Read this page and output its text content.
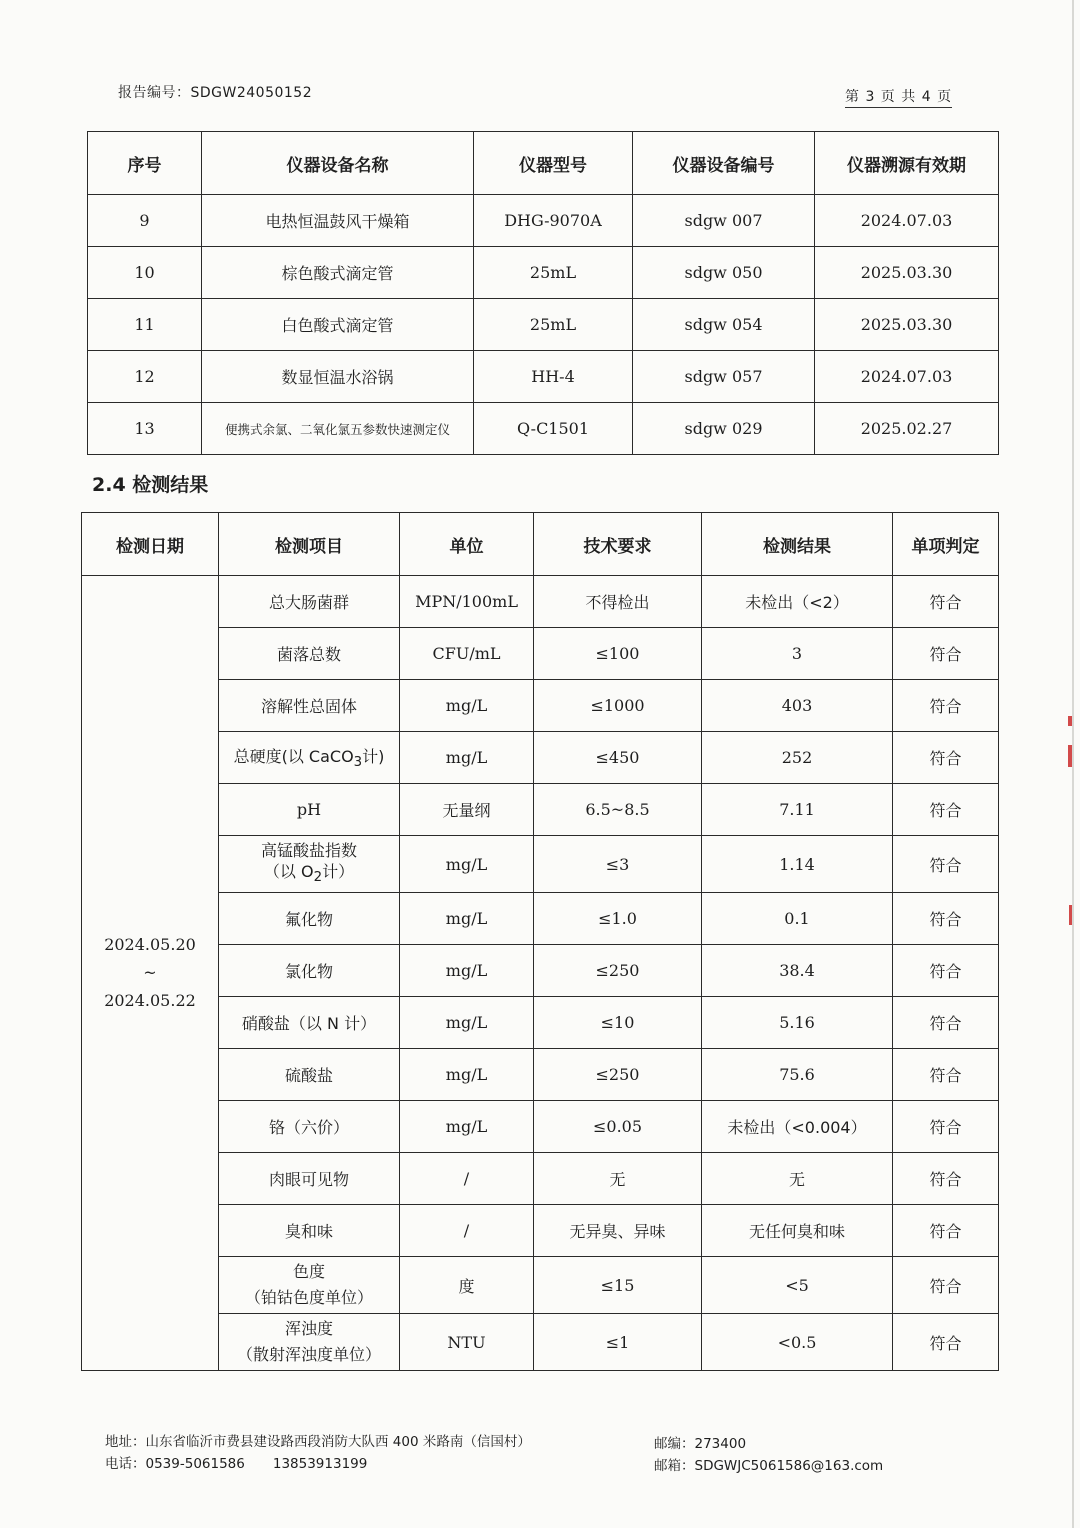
报告编号：SDGW24050152	第 3 页 共 4 页
序号	仪器设备名称	仪器型号	仪器设备编号	仪器溯源有效期
9	电热恒温鼓风干燥箱	DHG-9070A	sdgw 007	2024.07.03
10	棕色酸式滴定管	25mL	sdgw 050	2025.03.30
11	白色酸式滴定管	25mL	sdgw 054	2025.03.30
12	数显恒温水浴锅	HH-4	sdgw 057	2024.07.03
13	便携式余氯、二氧化氯五参数快速测定仪	Q-C1501	sdgw 029	2025.02.27
2.4 检测结果
检测日期	检测项目	单位	技术要求	检测结果	单项判定

2024.05.20
~
2024.05.22	总大肠菌群	MPN/100mL	不得检出	未检出（<2）	符合
	菌落总数	CFU/mL	≤100	3	符合
	溶解性总固体	mg/L	≤1000	403	符合
	总硬度(以 CaCO$_3$计)	mg/L	≤450	252	符合
	pH	无量纲	6.5~8.5	7.11	符合

	高锰酸盐指数
（以 $O_2$计）	mg/L	≤3	1.14	符合
	氟化物	mg/L	≤1.0	0.1	符合
	氯化物	mg/L	≤250	38.4	符合
	硝酸盐（以 N 计）	mg/L	≤10	5.16	符合
	硫酸盐	mg/L	≤250	75.6	符合
	铬（六价）	mg/L	≤0.05	未检出（<0.004）	符合
	肉眼可见物	/	无	无	符合
	臭和味	/	无异臭、异味	无任何臭和味	符合

	色度
（铂钴色度单位）	度	≤15	<5	符合

	浑浊度
（散射浑浊度单位）	NTU	≤1	<0.5	符合
地址：山东省临沂市费县建设路西段消防大队西 400 米路南（信国村）
电话：0539-5061586 13853913199
邮编：273400
邮箱：SDGWJC5061586@163.com
